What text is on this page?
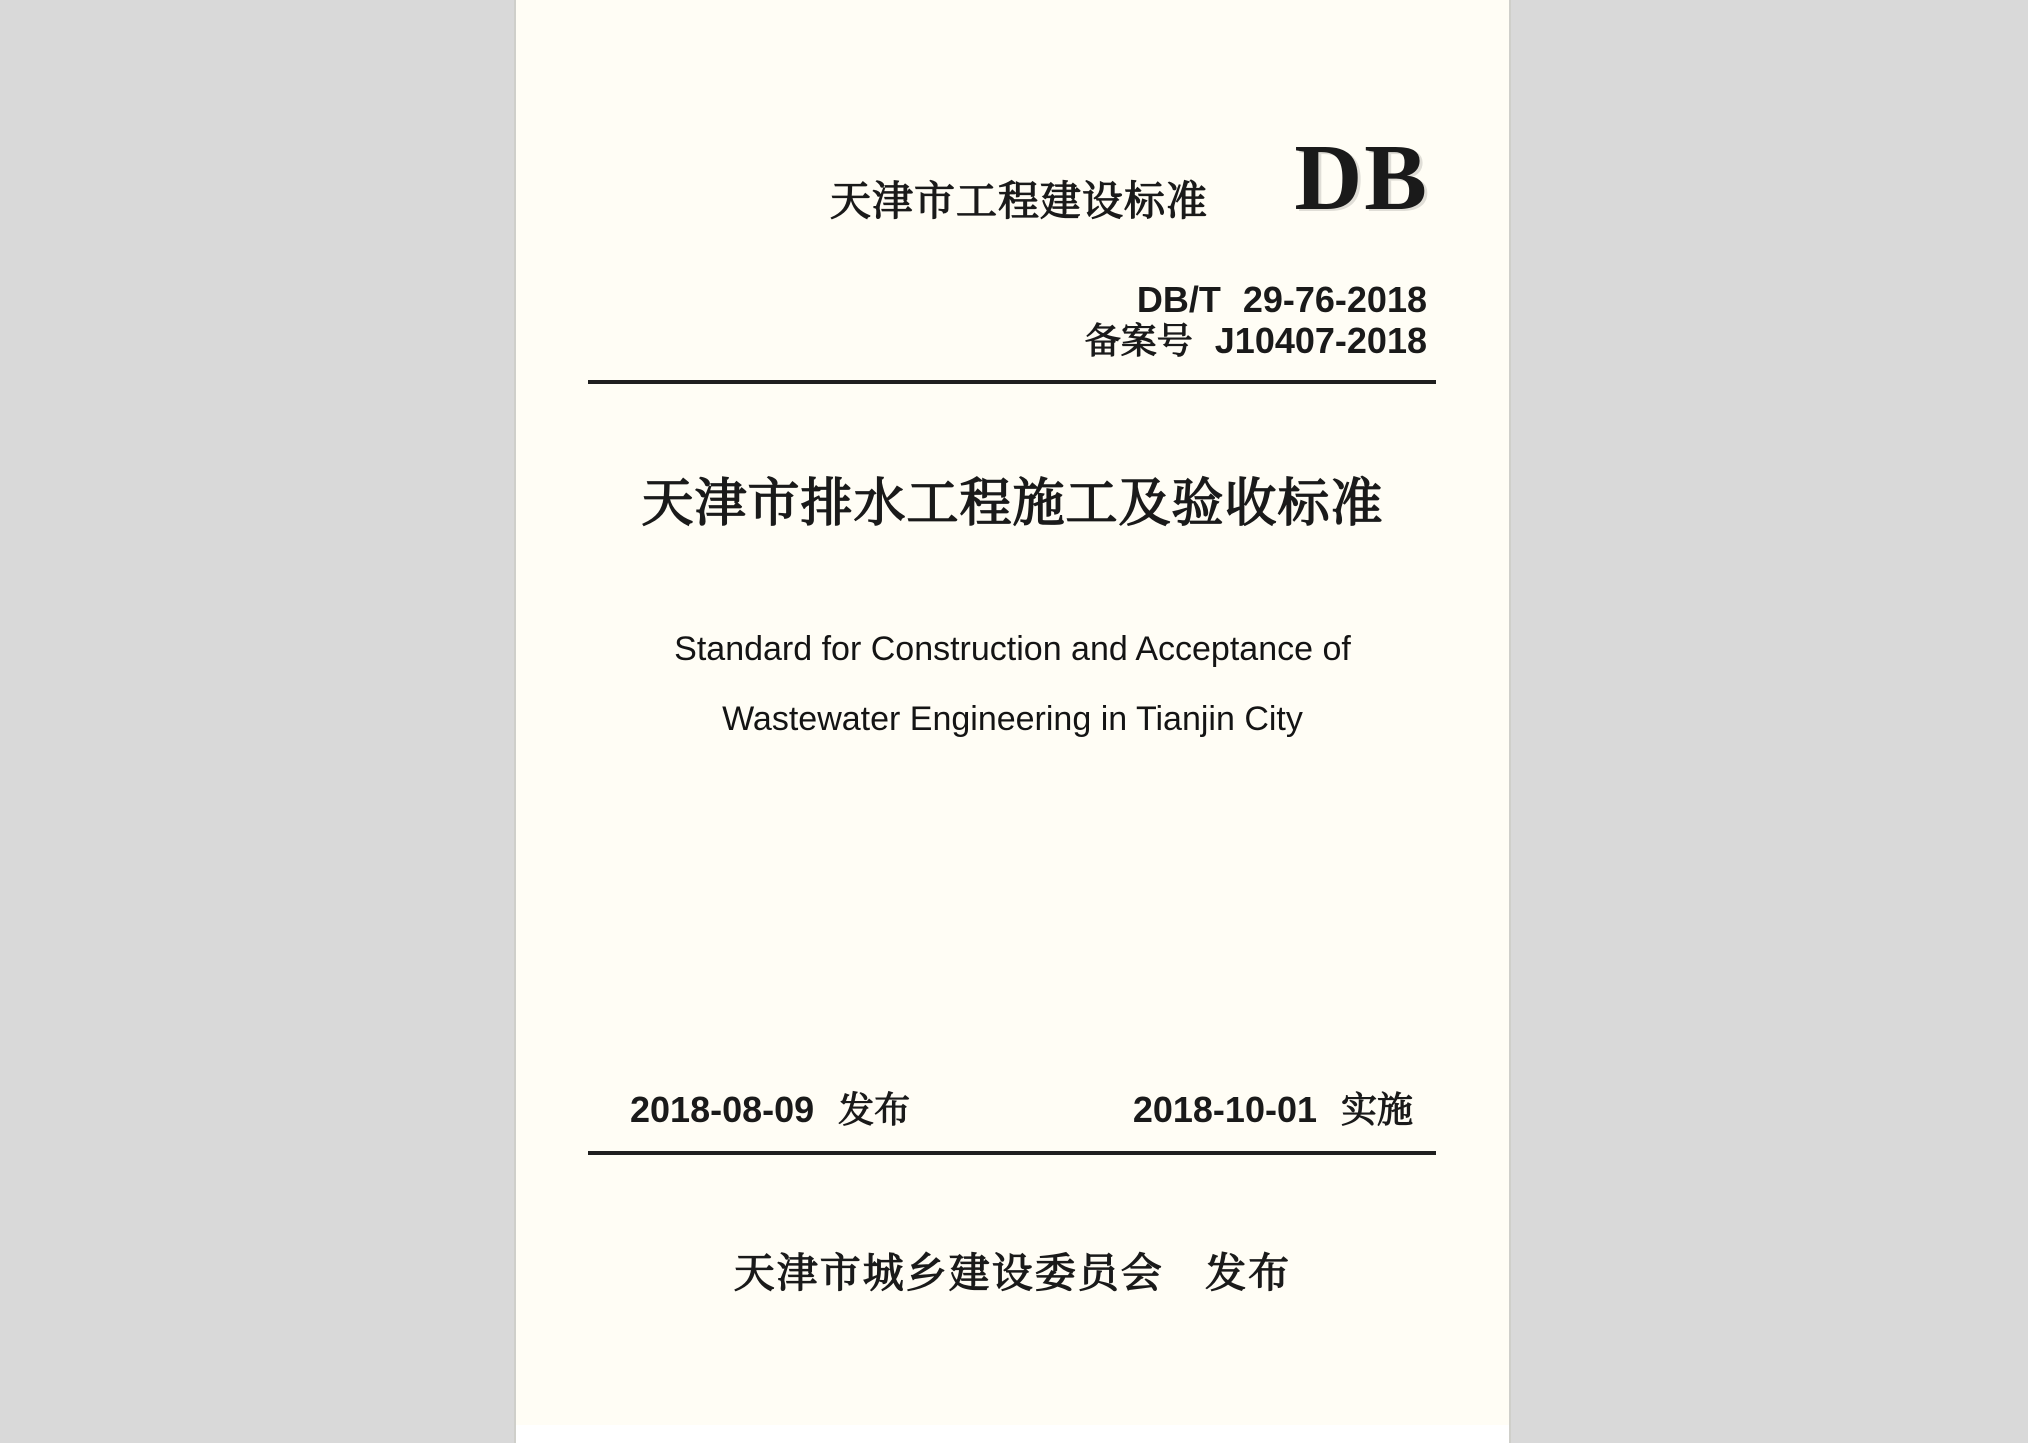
天津市工程建设标准 DB
DB/T 29-76-2018
备案号 J10407-2018
天津市排水工程施工及验收标准
Standard for Construction and Acceptance of
Wastewater Engineering in Tianjin City
2018-08-09 发布	2018-10-01 实施
天津市城乡建设委员会 发布
